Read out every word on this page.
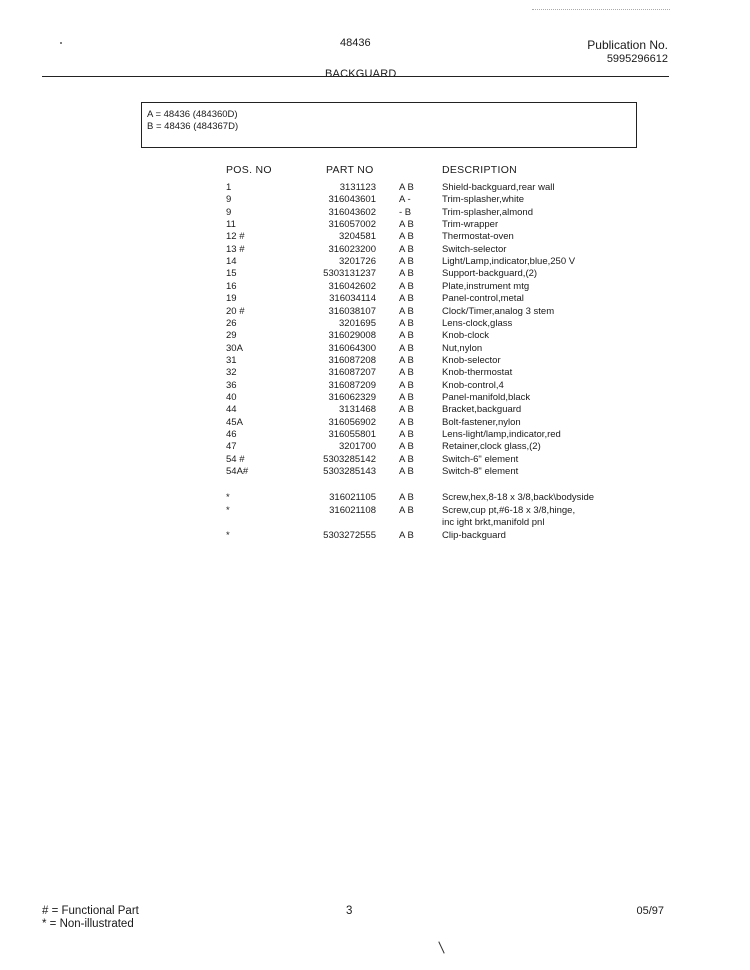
48436	Publication No.
5995296612
BACKGUARD
A = 48436 (484360D)
B = 48436 (484367D)
POS. NO	PART NO	DESCRIPTION
1	3131123 A B	Shield-backguard,rear wall
9	316043601 A -	Trim-splasher,white
9	316043602 - B	Trim-splasher,almond
11	316057002 A B	Trim-wrapper
12 #	3204581 A B	Thermostat-oven
13 #	316023200 A B	Switch-selector
14	3201726 A B	Light/Lamp,indicator,blue,250 V
15	5303131237 A B	Support-backguard,(2)
16	316042602 A B	Plate,instrument mtg
19	316034114 A B	Panel-control,metal
20 #	316038107 A B	Clock/Timer,analog 3 stem
26	3201695 A B	Lens-clock,glass
29	316029008 A B	Knob-clock
30A	316064300 A B	Nut,nylon
31	316087208 A B	Knob-selector
32	316087207 A B	Knob-thermostat
36	316087209 A B	Knob-control,4
40	316062329 A B	Panel-manifold,black
44	3131468 A B	Bracket,backguard
45A	316056902 A B	Bolt-fastener,nylon
46	316055801 A B	Lens-light/lamp,indicator,red
47	3201700 A B	Retainer,clock glass,(2)
54 #	5303285142 A B	Switch-6" element
54A#	5303285143 A B	Switch-8" element
*	316021105 A B	Screw,hex,8-18 x 3/8,back\bodyside
*	316021108 A B	Screw,cup pt,#6-18 x 3/8,hinge,
inc ight brkt,manifold pnl
*	5303272555 A B	Clip-backguard
# = Functional Part
* = Non-illustrated
3	05/97
